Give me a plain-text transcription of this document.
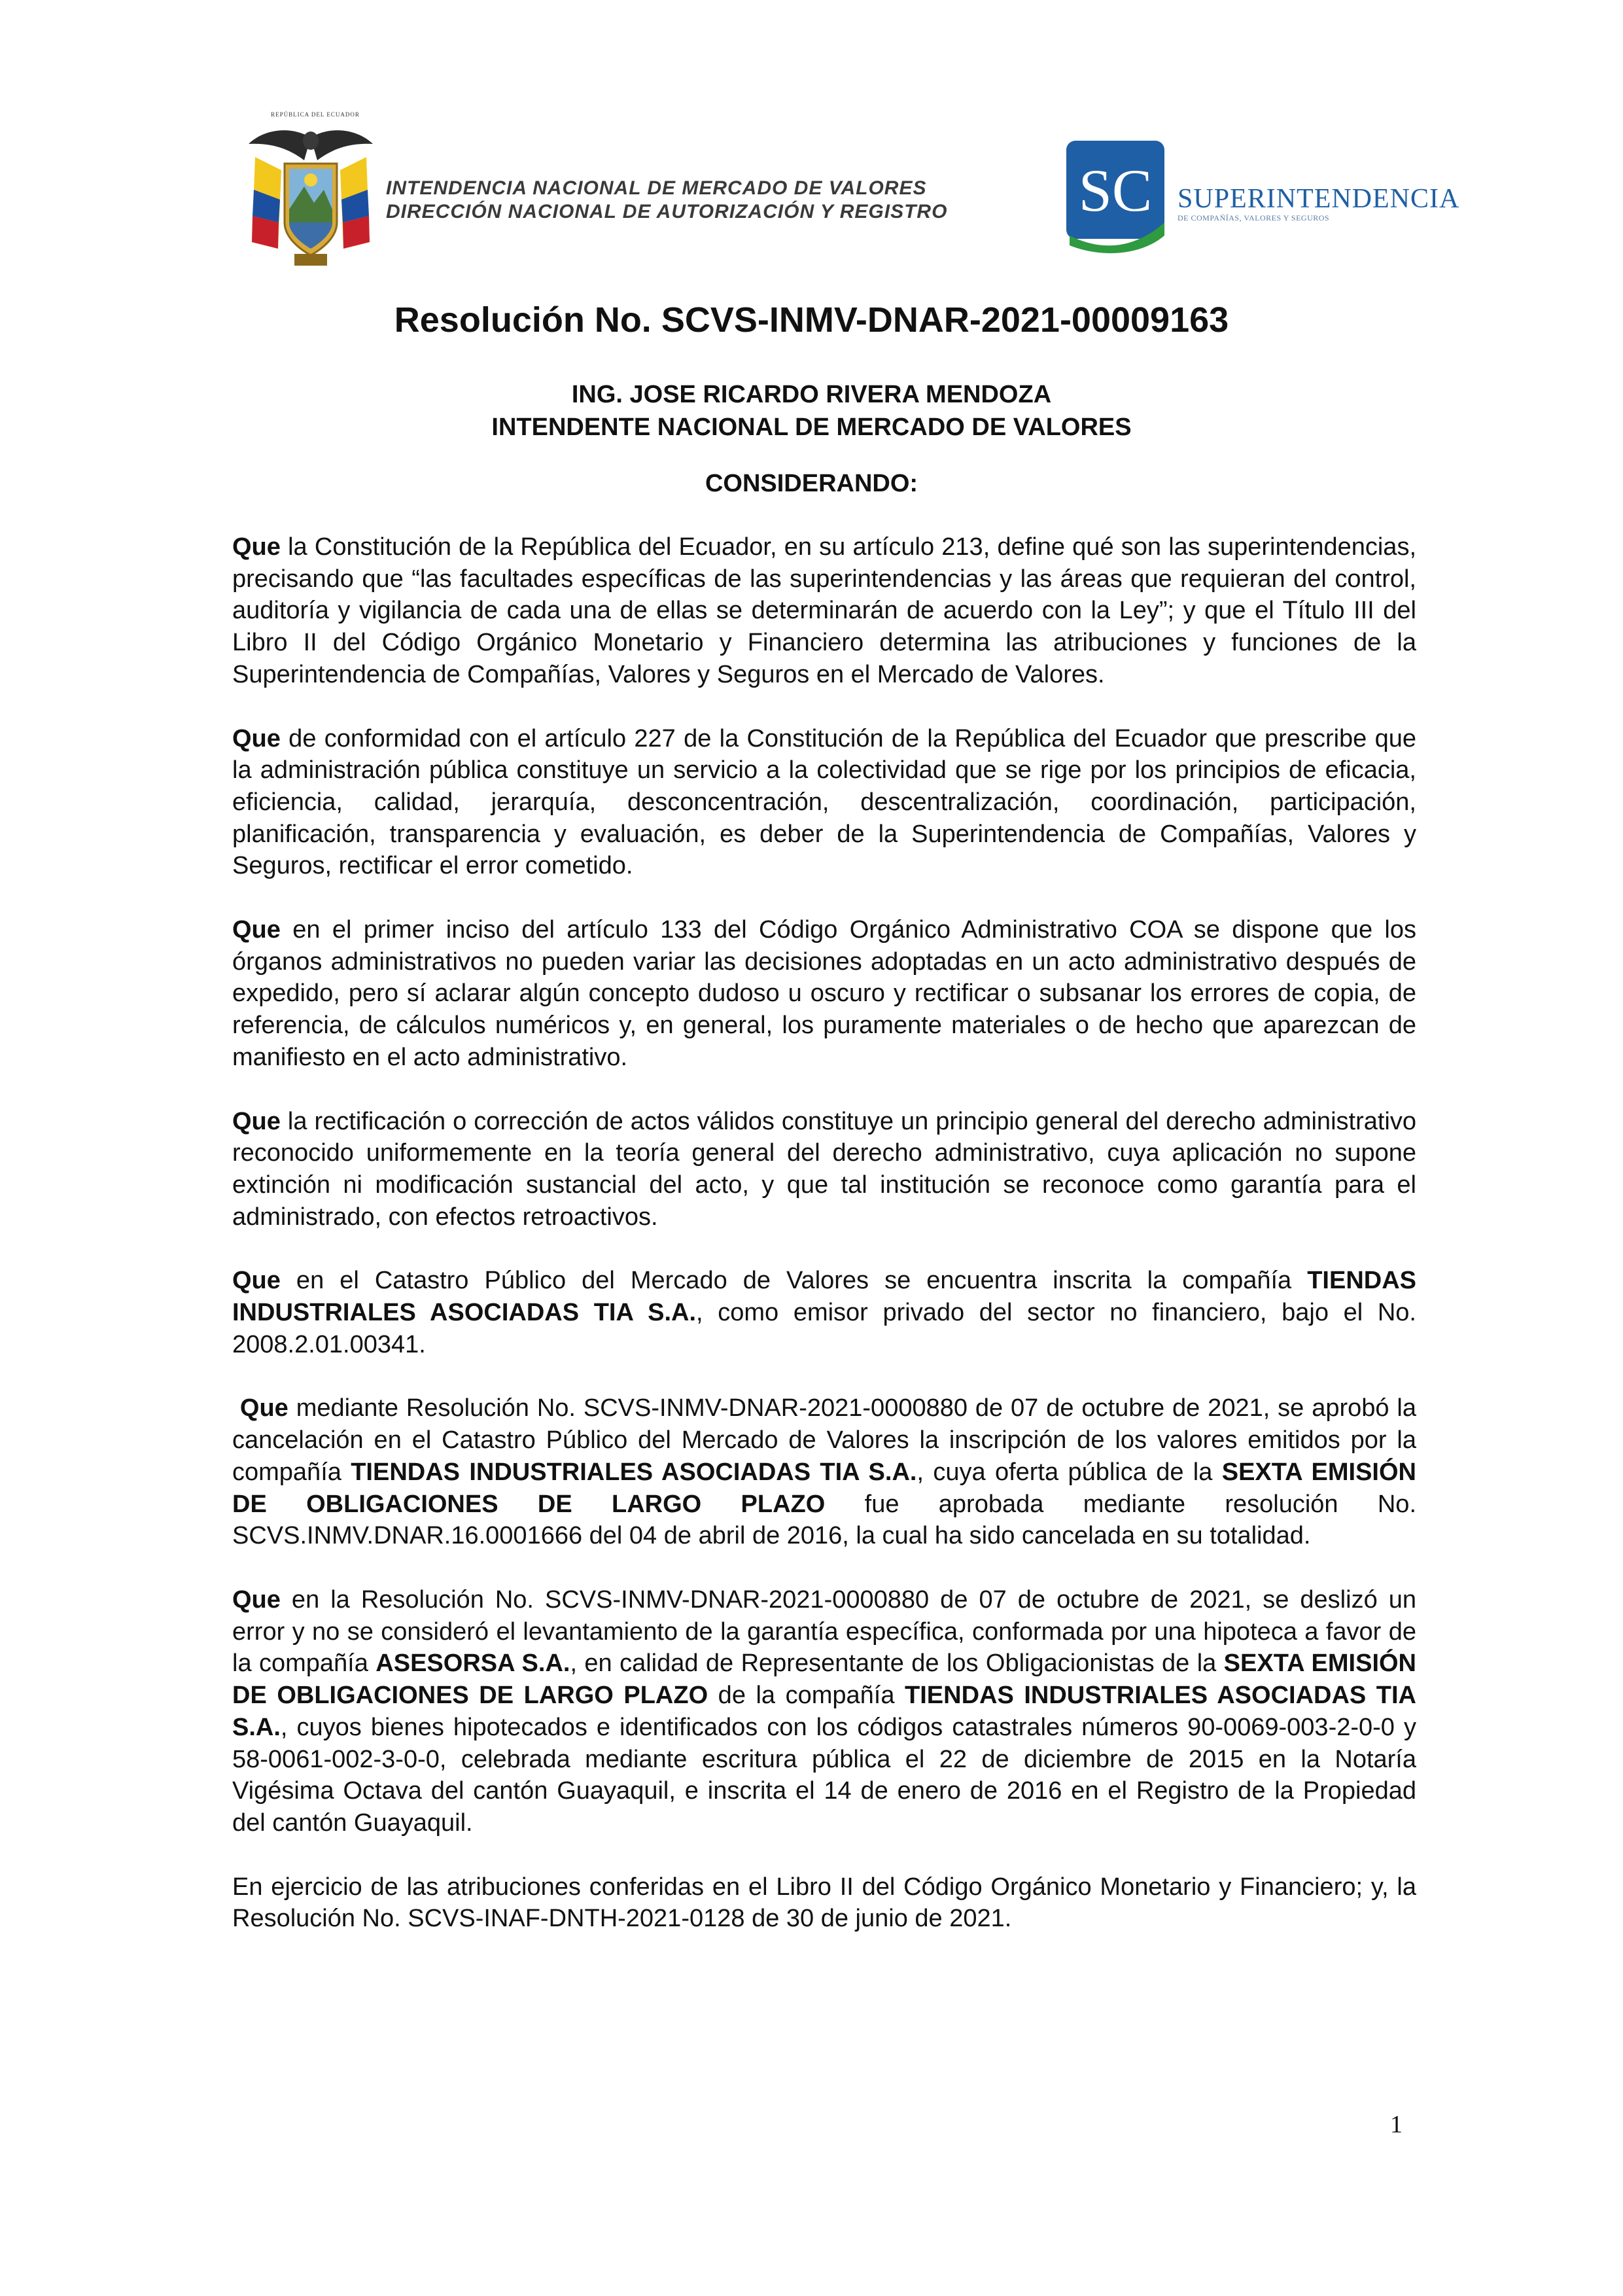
REPÚBLICA DEL ECUADOR
INTENDENCIA NACIONAL DE MERCADO DE VALORES
DIRECCIÓN NACIONAL DE AUTORIZACIÓN Y REGISTRO	SC SUPERINTENDENCIA
DE COMPAÑÍAS, VALORES Y SEGUROS
Resolución No. SCVS-INMV-DNAR-2021-00009163
ING. JOSE RICARDO RIVERA MENDOZA
INTENDENTE NACIONAL DE MERCADO DE VALORES
CONSIDERANDO:

Que la Constitución de la República del Ecuador, en su artículo 213, define qué son las superintendencias, precisando que “las facultades específicas de las superintendencias y las áreas que requieran del control, auditoría y vigilancia de cada una de ellas se determinarán de acuerdo con la Ley”; y que el Título III del Libro II del Código Orgánico Monetario y Financiero determina las atribuciones y funciones de la Superintendencia de Compañías, Valores y Seguros en el Mercado de Valores.

Que de conformidad con el artículo 227 de la Constitución de la República del Ecuador que prescribe que la administración pública constituye un servicio a la colectividad que se rige por los principios de eficacia, eficiencia, calidad, jerarquía, desconcentración, descentralización, coordinación, participación, planificación, transparencia y evaluación, es deber de la Superintendencia de Compañías, Valores y Seguros, rectificar el error cometido.

Que en el primer inciso del artículo 133 del Código Orgánico Administrativo COA se dispone que los órganos administrativos no pueden variar las decisiones adoptadas en un acto administrativo después de expedido, pero sí aclarar algún concepto dudoso u oscuro y rectificar o subsanar los errores de copia, de referencia, de cálculos numéricos y, en general, los puramente materiales o de hecho que aparezcan de manifiesto en el acto administrativo.

Que la rectificación o corrección de actos válidos constituye un principio general del derecho administrativo reconocido uniformemente en la teoría general del derecho administrativo, cuya aplicación no supone extinción ni modificación sustancial del acto, y que tal institución se reconoce como garantía para el administrado, con efectos retroactivos.

Que en el Catastro Público del Mercado de Valores se encuentra inscrita la compañía TIENDAS INDUSTRIALES ASOCIADAS TIA S.A., como emisor privado del sector no financiero, bajo el No. 2008.2.01.00341.

Que mediante Resolución No. SCVS-INMV-DNAR-2021-0000880 de 07 de octubre de 2021, se aprobó la cancelación en el Catastro Público del Mercado de Valores la inscripción de los valores emitidos por la compañía TIENDAS INDUSTRIALES ASOCIADAS TIA S.A., cuya oferta pública de la SEXTA EMISIÓN DE OBLIGACIONES DE LARGO PLAZO fue aprobada mediante resolución No. SCVS.INMV.DNAR.16.0001666 del 04 de abril de 2016, la cual ha sido cancelada en su totalidad.

Que en la Resolución No. SCVS-INMV-DNAR-2021-0000880 de 07 de octubre de 2021, se deslizó un error y no se consideró el levantamiento de la garantía específica, conformada por una hipoteca a favor de la compañía ASESORSA S.A., en calidad de Representante de los Obligacionistas de la SEXTA EMISIÓN DE OBLIGACIONES DE LARGO PLAZO de la compañía TIENDAS INDUSTRIALES ASOCIADAS TIA S.A., cuyos bienes hipotecados e identificados con los códigos catastrales números 90-0069-003-2-0-0 y 58-0061-002-3-0-0, celebrada mediante escritura pública el 22 de diciembre de 2015 en la Notaría Vigésima Octava del cantón Guayaquil, e inscrita el 14 de enero de 2016 en el Registro de la Propiedad del cantón Guayaquil.

En ejercicio de las atribuciones conferidas en el Libro II del Código Orgánico Monetario y Financiero; y, la Resolución No. SCVS-INAF-DNTH-2021-0128 de 30 de junio de 2021.

1
